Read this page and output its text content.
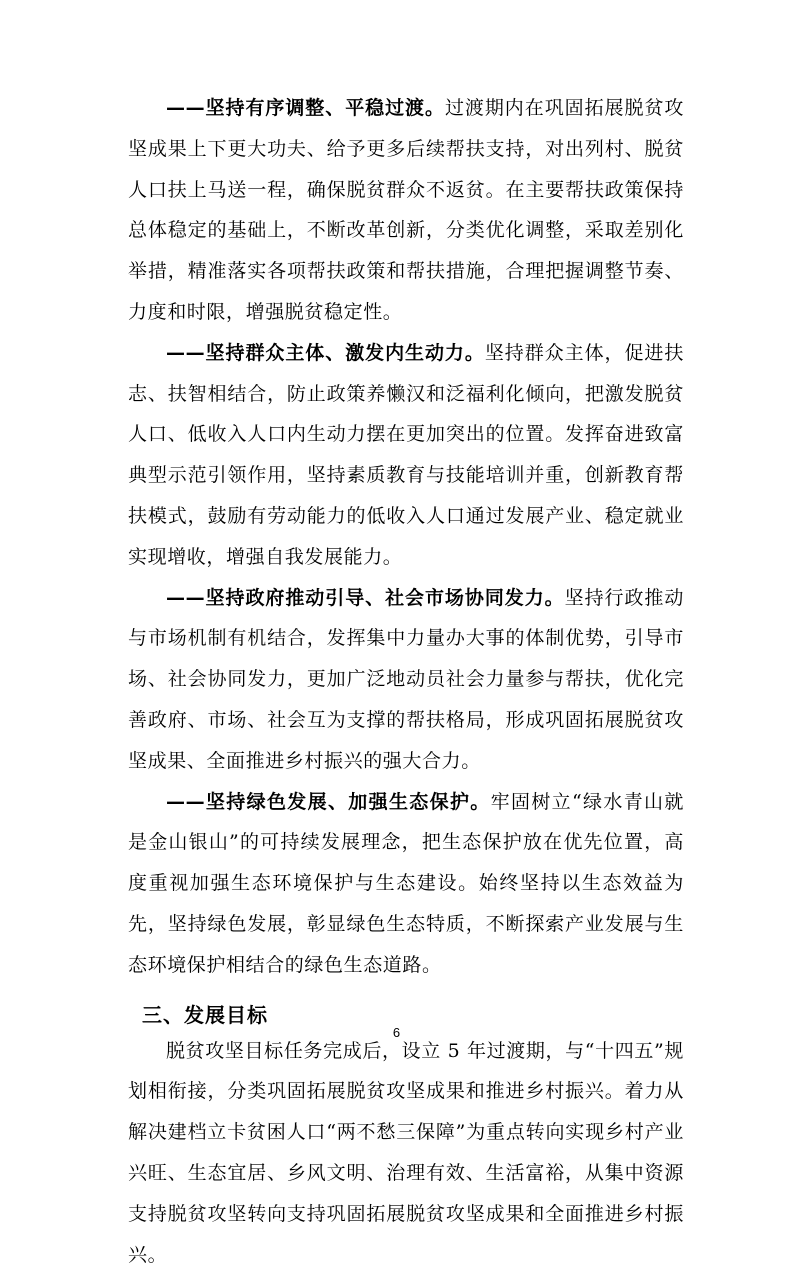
——坚持有序调整、平稳过渡。过渡期内在巩固拓展脱贫攻坚成果上下更大功夫、给予更多后续帮扶支持，对出列村、脱贫人口扶上马送一程，确保脱贫群众不返贫。在主要帮扶政策保持总体稳定的基础上，不断改革创新，分类优化调整，采取差别化举措，精准落实各项帮扶政策和帮扶措施，合理把握调整节奏、力度和时限，增强脱贫稳定性。

——坚持群众主体、激发内生动力。坚持群众主体，促进扶志、扶智相结合，防止政策养懒汉和泛福利化倾向，把激发脱贫人口、低收入人口内生动力摆在更加突出的位置。发挥奋进致富典型示范引领作用，坚持素质教育与技能培训并重，创新教育帮扶模式，鼓励有劳动能力的低收入人口通过发展产业、稳定就业实现增收，增强自我发展能力。

——坚持政府推动引导、社会市场协同发力。坚持行政推动与市场机制有机结合，发挥集中力量办大事的体制优势，引导市场、社会协同发力，更加广泛地动员社会力量参与帮扶，优化完善政府、市场、社会互为支撑的帮扶格局，形成巩固拓展脱贫攻坚成果、全面推进乡村振兴的强大合力。

——坚持绿色发展、加强生态保护。牢固树立“绿水青山就是金山银山”的可持续发展理念，把生态保护放在优先位置，高度重视加强生态环境保护与生态建设。始终坚持以生态效益为先，坚持绿色发展，彰显绿色生态特质，不断探索产业发展与生态环境保护相结合的绿色生态道路。

三、发展目标

脱贫攻坚目标任务完成后，设立 5 年过渡期，与“十四五”规划相衔接，分类巩固拓展脱贫攻坚成果和推进乡村振兴。着力从解决建档立卡贫困人口“两不愁三保障”为重点转向实现乡村产业兴旺、生态宜居、乡风文明、治理有效、生活富裕，从集中资源支持脱贫攻坚转向支持巩固拓展脱贫攻坚成果和全面推进乡村振兴。

6
